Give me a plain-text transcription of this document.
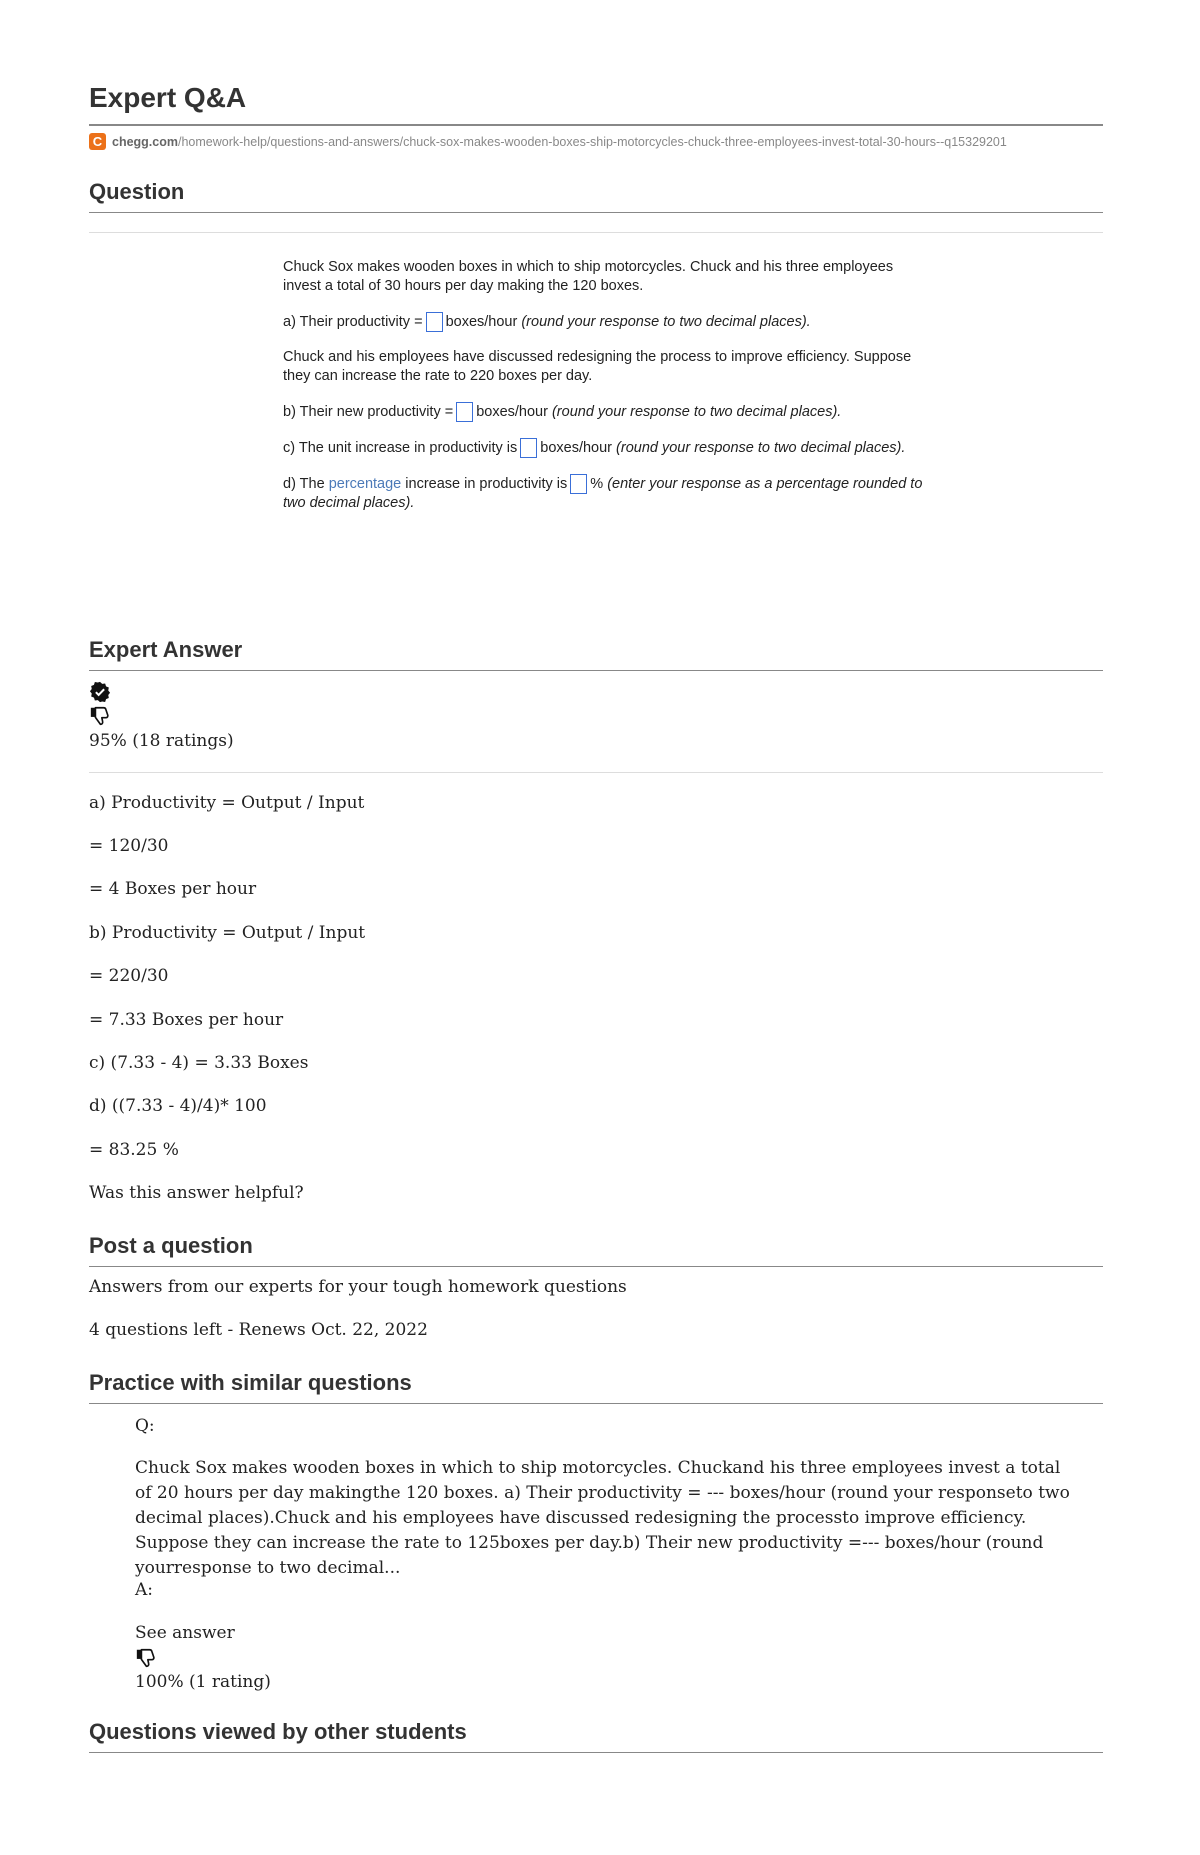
Expert Q&A
C chegg.com /homework-help/questions-and-answers/chuck-sox-makes-wooden-boxes-ship-motorcycles-chuck-three-employees-invest-total-30-hours--q15329201
Question

Chuck Sox makes wooden boxes in which to ship motorcycles. Chuck and his three employees invest a total of 30 hours per day making the 120 boxes.

a) Their productivity = boxes/hour (round your response to two decimal places).

Chuck and his employees have discussed redesigning the process to improve efficiency. Suppose they can increase the rate to 220 boxes per day.

b) Their new productivity = boxes/hour (round your response to two decimal places).

c) The unit increase in productivity is boxes/hour (round your response to two decimal places).

d) The percentage increase in productivity is % (enter your response as a percentage rounded to two decimal places).

Expert Answer
95% (18 ratings)
a) Productivity = Output / Input
= 120/30
= 4 Boxes per hour
b) Productivity = Output / Input
= 220/30
= 7.33 Boxes per hour
c) (7.33 - 4) = 3.33 Boxes
d) ((7.33 - 4)/4)* 100
= 83.25 %
Was this answer helpful?
Post a question
Answers from our experts for your tough homework questions
4 questions left - Renews Oct. 22, 2022
Practice with similar questions
Q:
Chuck Sox makes wooden boxes in which to ship motorcycles. Chuckand his three employees invest a total of 20 hours per day makingthe 120 boxes. a) Their productivity = --- boxes/hour (round your responseto two decimal places).Chuck and his employees have discussed redesigning the processto improve efficiency. Suppose they can increase the rate to 125boxes per day.b) Their new productivity =--- boxes/hour (round yourresponse to two decimal...
A:
See answer
100% (1 rating)
Questions viewed by other students
